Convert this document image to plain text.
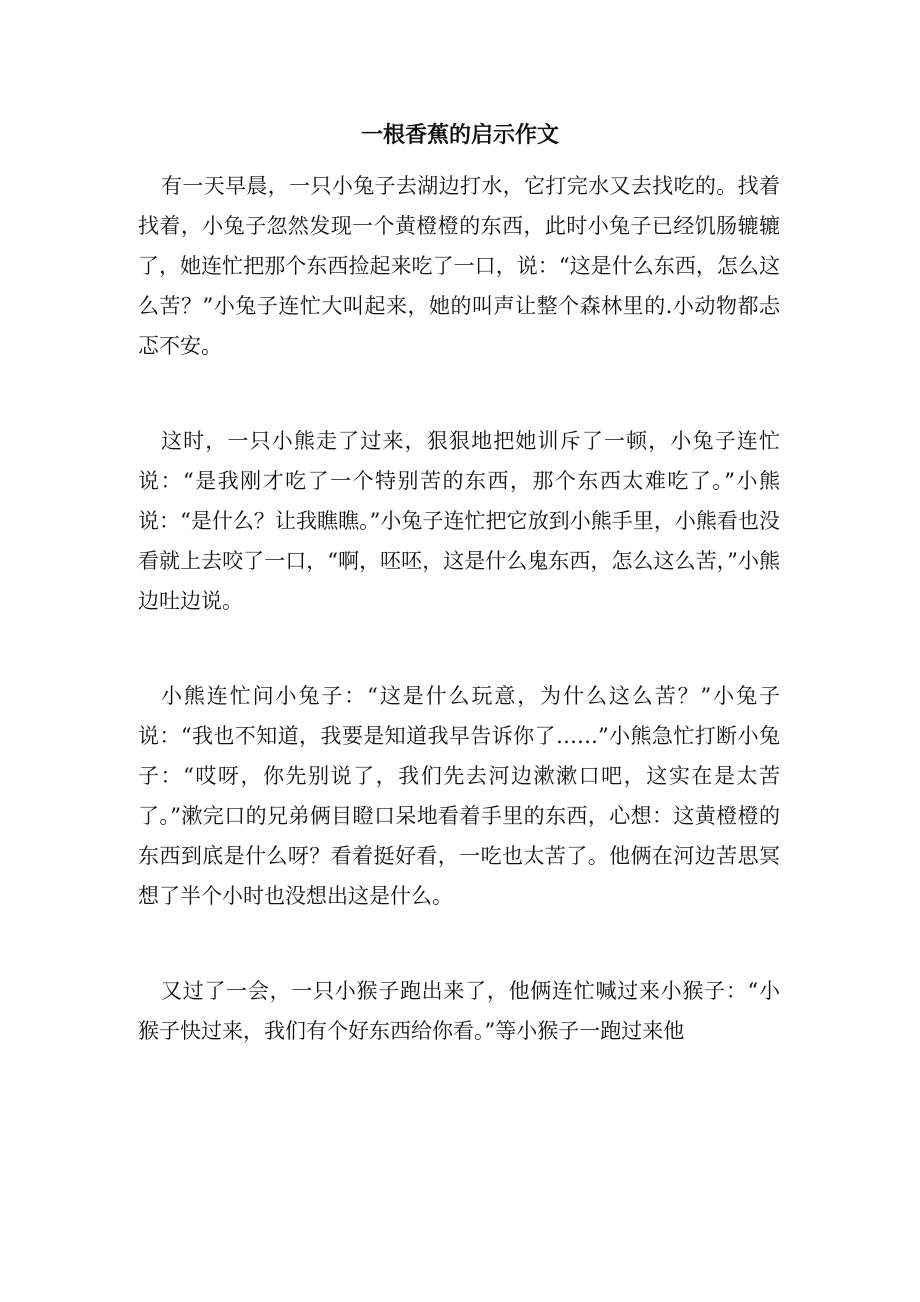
一根香蕉的启示作文

有一天早晨，一只小兔子去湖边打水，它打完水又去找吃的。找着找着，小兔子忽然发现一个黄橙橙的东西，此时小兔子已经饥肠辘辘了，她连忙把那个东西捡起来吃了一口，说：“这是什么东西，怎么这么苦？”小兔子连忙大叫起来，她的叫声让整个森林里的.小动物都忐忑不安。

这时，一只小熊走了过来，狠狠地把她训斥了一顿，小兔子连忙说：“是我刚才吃了一个特别苦的东西，那个东西太难吃了。”小熊说：“是什么？让我瞧瞧。”小兔子连忙把它放到小熊手里，小熊看也没看就上去咬了一口，“啊，呸呸，这是什么鬼东西，怎么这么苦，”小熊边吐边说。

小熊连忙问小兔子：“这是什么玩意，为什么这么苦？”小兔子说：“我也不知道，我要是知道我早告诉你了……”小熊急忙打断小兔子：“哎呀，你先别说了，我们先去河边漱漱口吧，这实在是太苦了。”漱完口的兄弟俩目瞪口呆地看着手里的东西，心想：这黄橙橙的东西到底是什么呀？看着挺好看，一吃也太苦了。他俩在河边苦思冥想了半个小时也没想出这是什么。

又过了一会，一只小猴子跑出来了，他俩连忙喊过来小猴子：“小猴子快过来，我们有个好东西给你看。”等小猴子一跑过来他
